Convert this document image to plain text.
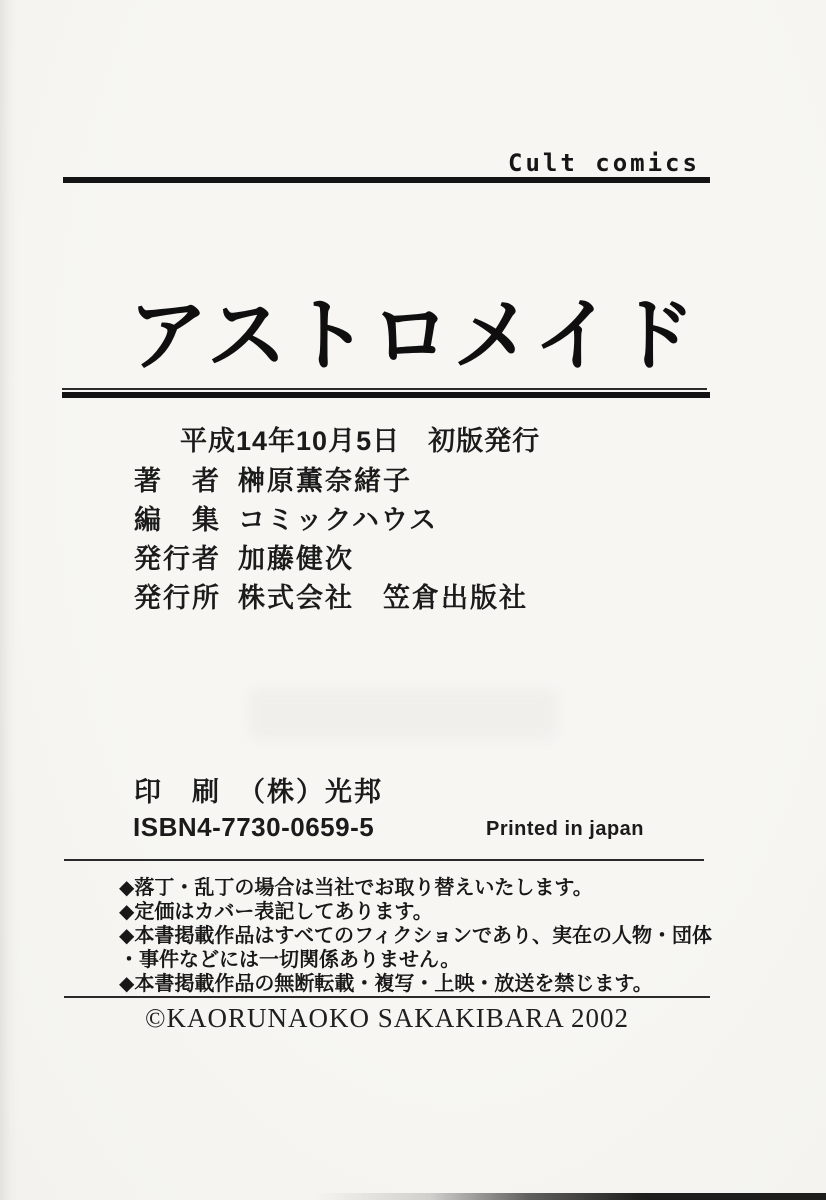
Cult comics
アストロメイド
平成14年10月5日　初版発行
著　者 榊原薫奈緒子
編　集 コミックハウス
発行者 加藤健次
発行所 株式会社　笠倉出版社
印　刷 （株）光邦
ISBN4-7730-0659-5	Printed in japan
◆落丁・乱丁の場合は当社でお取り替えいたします。
◆定価はカバー表記してあります。
◆本書掲載作品はすべてのフィクションであり、実在の人物・団体
・事件などには一切関係ありません。
◆本書掲載作品の無断転載・複写・上映・放送を禁じます。
©KAORUNAOKO SAKAKIBARA 2002
